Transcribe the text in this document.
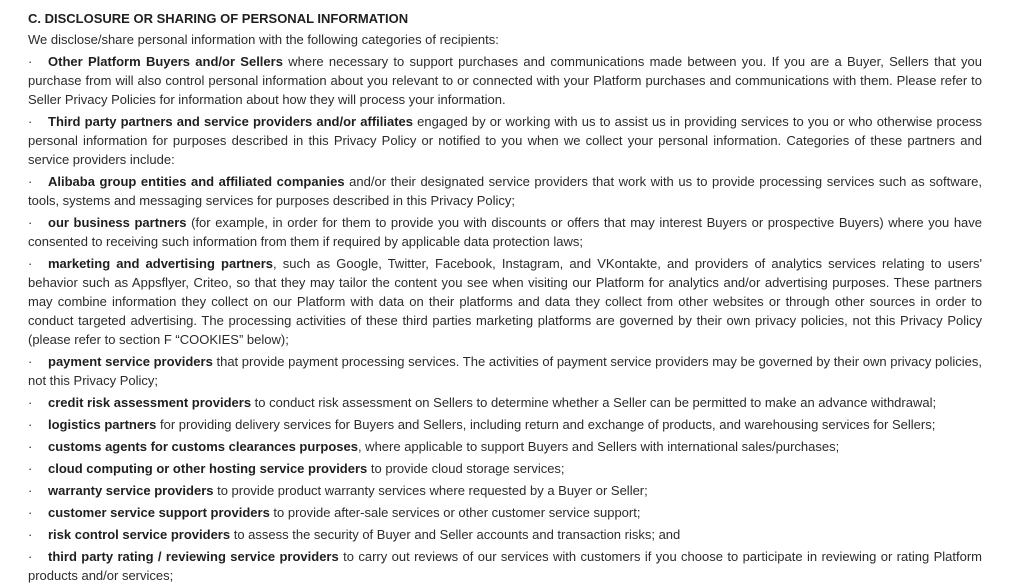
C. DISCLOSURE OR SHARING OF PERSONAL INFORMATION
We disclose/share personal information with the following categories of recipients:
· Other Platform Buyers and/or Sellers where necessary to support purchases and communications made between you. If you are a Buyer, Sellers that you purchase from will also control personal information about you relevant to or connected with your Platform purchases and communications with them. Please refer to Seller Privacy Policies for information about how they will process your information.
· Third party partners and service providers and/or affiliates engaged by or working with us to assist us in providing services to you or who otherwise process personal information for purposes described in this Privacy Policy or notified to you when we collect your personal information. Categories of these partners and service providers include:
· Alibaba group entities and affiliated companies and/or their designated service providers that work with us to provide processing services such as software, tools, systems and messaging services for purposes described in this Privacy Policy;
· our business partners (for example, in order for them to provide you with discounts or offers that may interest Buyers or prospective Buyers) where you have consented to receiving such information from them if required by applicable data protection laws;
· marketing and advertising partners, such as Google, Twitter, Facebook, Instagram, and VKontakte, and providers of analytics services relating to users' behavior such as Appsflyer, Criteo, so that they may tailor the content you see when visiting our Platform for analytics and/or advertising purposes. These partners may combine information they collect on our Platform with data on their platforms and data they collect from other websites or through other sources in order to conduct targeted advertising. The processing activities of these third parties marketing platforms are governed by their own privacy policies, not this Privacy Policy (please refer to section F “COOKIES” below);
· payment service providers that provide payment processing services. The activities of payment service providers may be governed by their own privacy policies, not this Privacy Policy;
· credit risk assessment providers to conduct risk assessment on Sellers to determine whether a Seller can be permitted to make an advance withdrawal;
· logistics partners for providing delivery services for Buyers and Sellers, including return and exchange of products, and warehousing services for Sellers;
· customs agents for customs clearances purposes, where applicable to support Buyers and Sellers with international sales/purchases;
· cloud computing or other hosting service providers to provide cloud storage services;
· warranty service providers to provide product warranty services where requested by a Buyer or Seller;
· customer service support providers to provide after-sale services or other customer service support;
· risk control service providers to assess the security of Buyer and Seller accounts and transaction risks; and
· third party rating / reviewing service providers to carry out reviews of our services with customers if you choose to participate in reviewing or rating Platform products and/or services;
